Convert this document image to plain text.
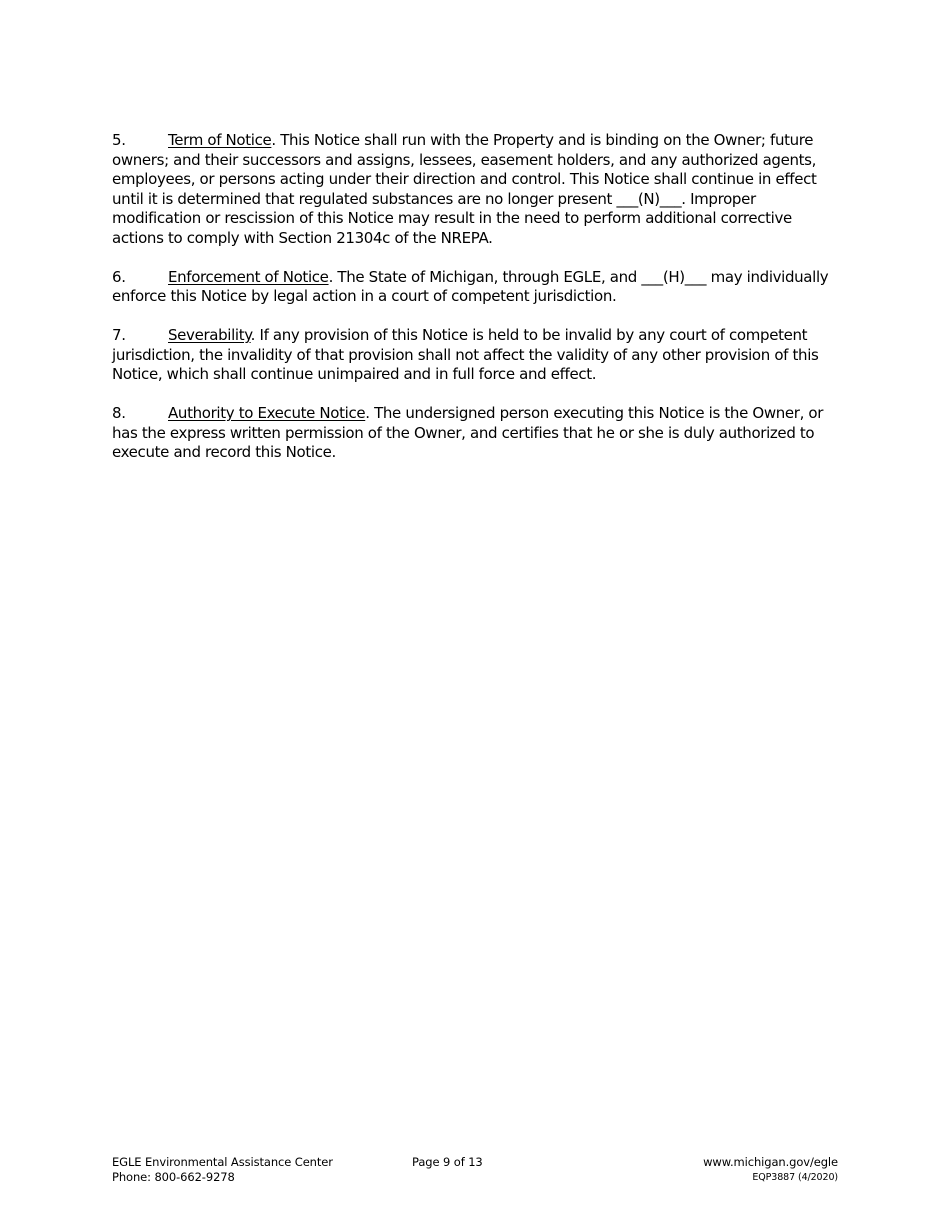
5.	Term of Notice. This Notice shall run with the Property and is binding on the Owner; future owners; and their successors and assigns, lessees, easement holders, and any authorized agents, employees, or persons acting under their direction and control. This Notice shall continue in effect until it is determined that regulated substances are no longer present ___(N)___. Improper modification or rescission of this Notice may result in the need to perform additional corrective actions to comply with Section 21304c of the NREPA.

6.	Enforcement of Notice. The State of Michigan, through EGLE, and ___(H)___ may individually enforce this Notice by legal action in a court of competent jurisdiction.

7.	Severability. If any provision of this Notice is held to be invalid by any court of competent jurisdiction, the invalidity of that provision shall not affect the validity of any other provision of this Notice, which shall continue unimpaired and in full force and effect.

8.	Authority to Execute Notice. The undersigned person executing this Notice is the Owner, or has the express written permission of the Owner, and certifies that he or she is duly authorized to execute and record this Notice.

EGLE Environmental Assistance Center
Phone: 800-662-9278
Page 9 of 13	www.michigan.gov/egle
EQP3887 (4/2020)
